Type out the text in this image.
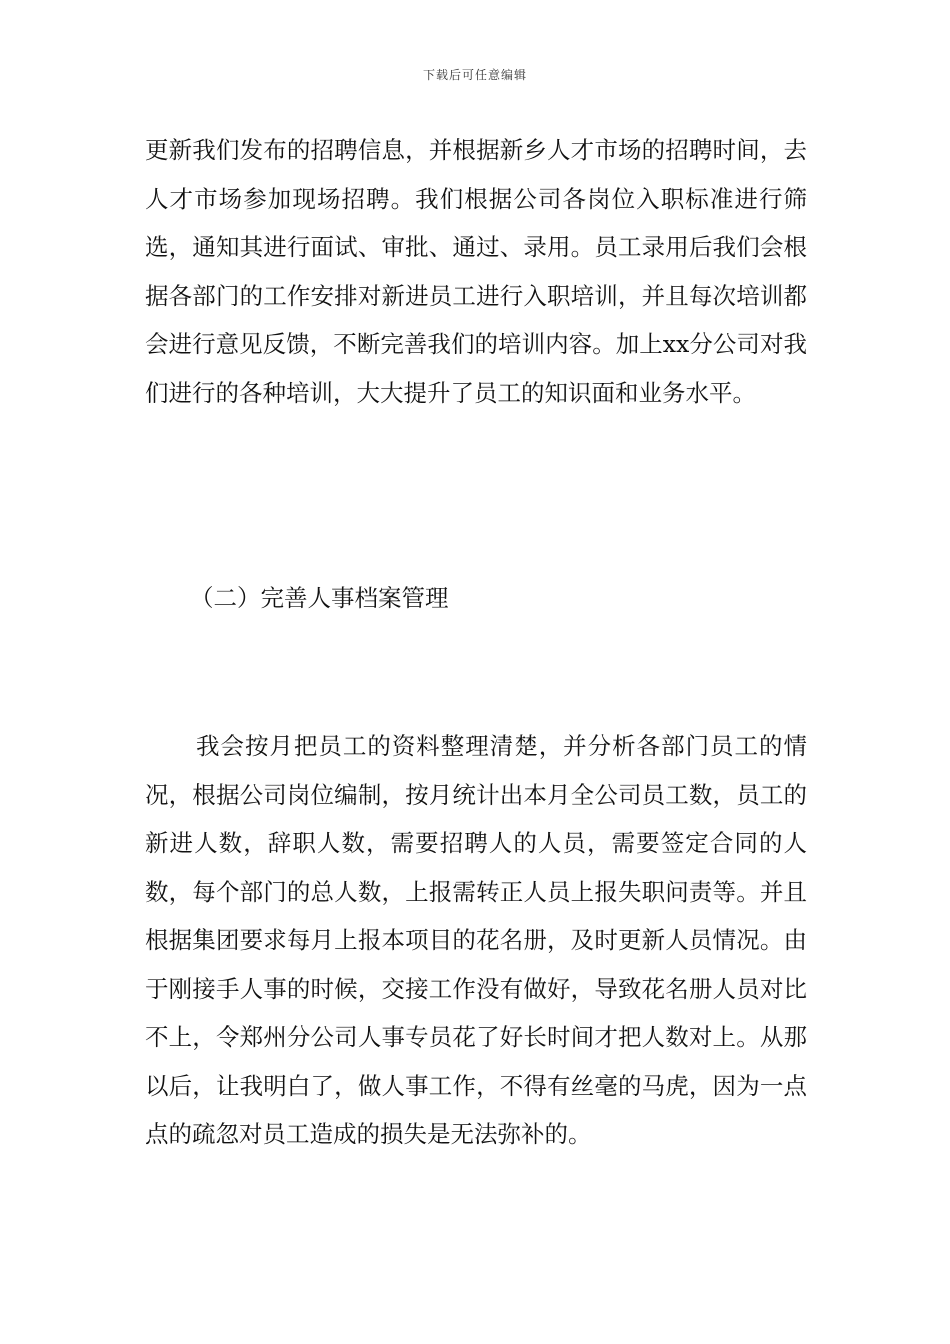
下载后可任意编辑

更新我们发布的招聘信息，并根据新乡人才市场的招聘时间，去人才市场参加现场招聘。我们根据公司各岗位入职标准进行筛选，通知其进行面试、审批、通过、录用。员工录用后我们会根据各部门的工作安排对新进员工进行入职培训，并且每次培训都会进行意见反馈，不断完善我们的培训内容。加上xx分公司对我们进行的各种培训，大大提升了员工的知识面和业务水平。

（二）完善人事档案管理

我会按月把员工的资料整理清楚，并分析各部门员工的情况，根据公司岗位编制，按月统计出本月全公司员工数，员工的新进人数，辞职人数，需要招聘人的人员，需要签定合同的人数，每个部门的总人数，上报需转正人员上报失职问责等。并且根据集团要求每月上报本项目的花名册，及时更新人员情况。由于刚接手人事的时候，交接工作没有做好，导致花名册人员对比不上，令郑州分公司人事专员花了好长时间才把人数对上。从那以后，让我明白了，做人事工作，不得有丝毫的马虎，因为一点点的疏忽对员工造成的损失是无法弥补的。
